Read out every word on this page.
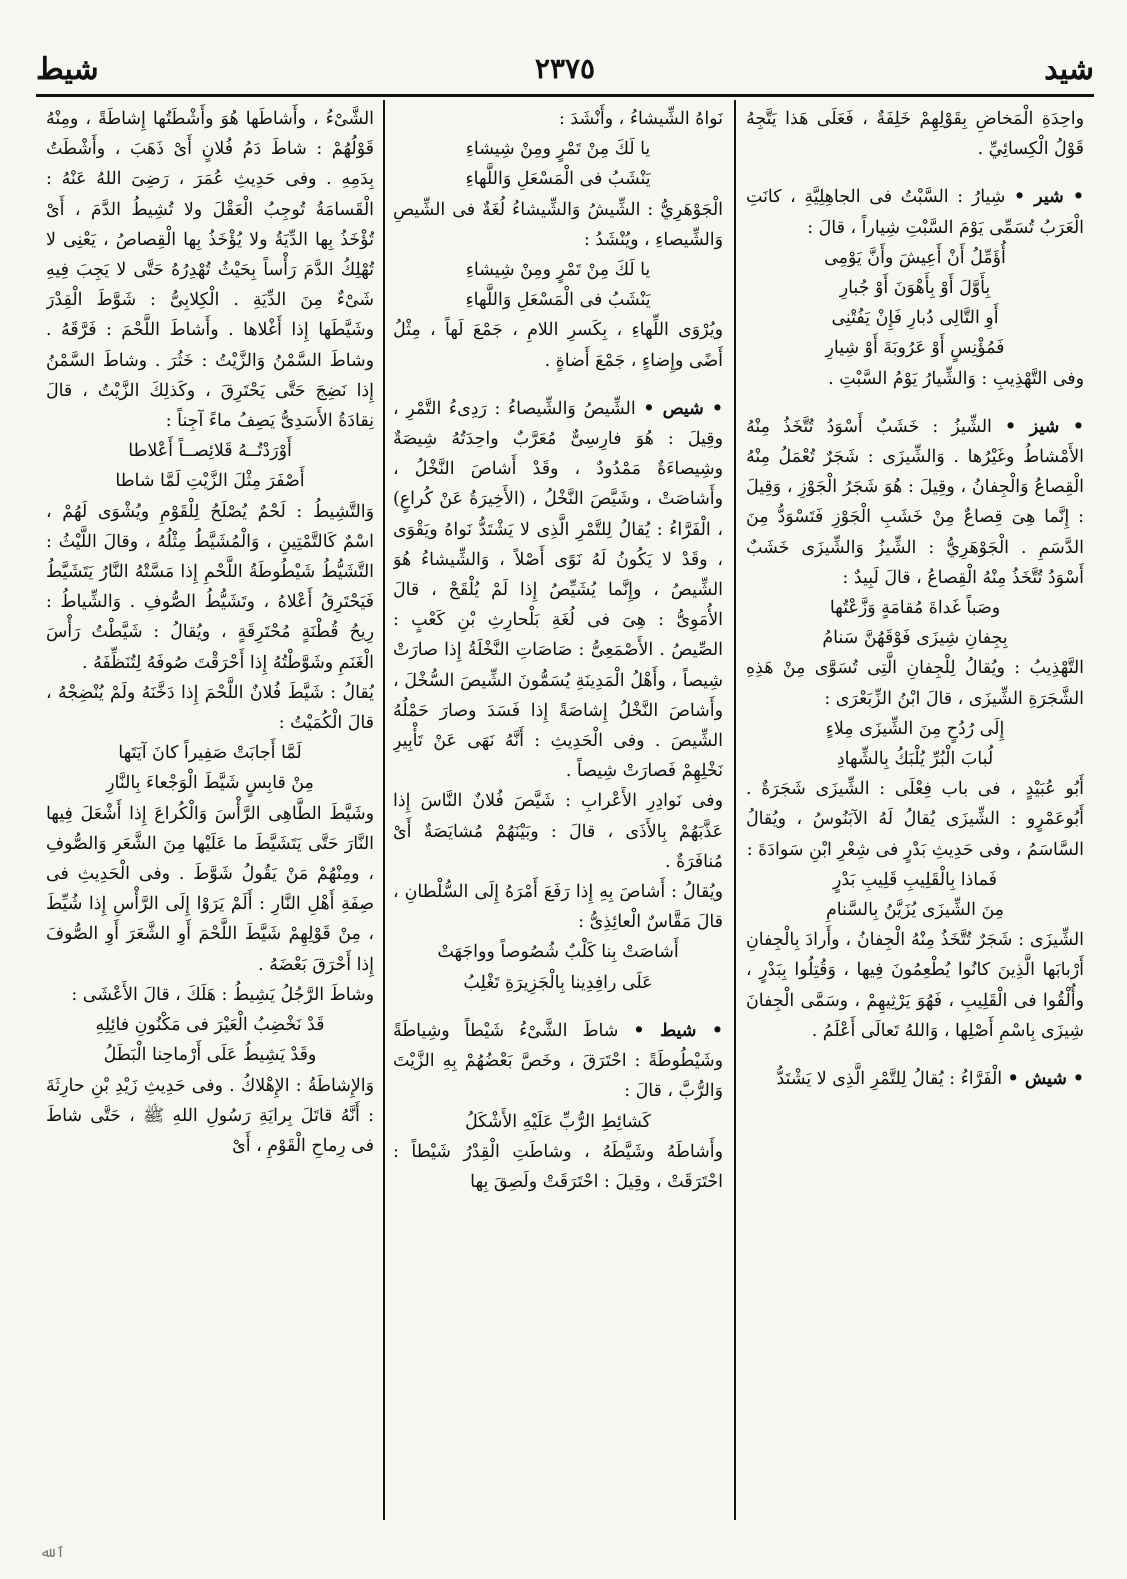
شيد
٢٣٧٥
شيط

واحِدَةِ الْمَخاضِ بِقَوْلِهِمْ خَلِفَةٌ ، فَعَلَى هَذا يَتَّجِهُ قَوْلُ الْكِسائِيِّ .

• شير • شِيارُ : السَّبْتُ فى الجاهِلِيَّةِ ، كانَتِ الْعَرَبُ تُسَمِّى يَوْمَ السَّبْتِ شِياراً ، قالَ :

أُؤَمِّلُ أَنْ أَعِيشَ وأَنَّ يَوْمِى

بِأَوَّلَ أَوْ بِأَهْوَنَ أَوْ جُبارِ

أَوِ التَّالِى دُبارِ فَإِنْ يَفُتْنِى

فَمُؤْنِسٍ أَوْ عَرُوبَةَ أَوْ شِيارِ

وفى التَّهْذِيبِ : وَالشِّيارُ يَوْمُ السَّبْتِ .

• شيز • الشِّيزُ : خَشَبٌ أَسْوَدُ تُتَّخَذُ مِنْهُ الأَمْشاطُ وغَيْرُها . وَالشِّيزَى : شَجَرٌ تُعْمَلُ مِنْهُ الْقِصاعُ وَالْجِفانُ ، وقِيلَ : هُوَ شَجَرُ الْجَوْزِ ، وَقِيلَ : إِنَّما هِىَ قِصاعٌ مِنْ خَشَبِ الْجَوْزِ فَتَسْوَدُّ مِنَ الدَّسَمِ . الْجَوْهَرِيُّ : الشِّيزُ وَالشِّيزَى خَشَبٌ أَسْوَدُ تُتَّخَذُ مِنْهُ الْقِصاعُ ، قالَ لَبِيدٌ :

وصَباً غَداةَ مُقامَةٍ وَزَّعْتُها

بِجِفانِ شِيزَى فَوْقَهُنَّ سَنامُ

التَّهْذِيبُ : ويُقالُ لِلْجِفانِ الَّتِى تُسَوَّى مِنْ هَذِهِ الشَّجَرَةِ الشِّيزَى ، قالَ ابْنُ الزِّبَعْرَى :

إِلَى رُدُحٍ مِنَ الشِّيزَى مِلاءٍ

لُبابَ الْبُرِّ يُلْبَكُ بِالشِّهادِ

أَبُو عُبَيْدٍ ، فى باب فِعْلَى : الشِّيزَى شَجَرَةٌ . أَبُوعَمْرٍو : الشِّيزَى يُقالُ لَهُ الآبَنُوسُ ، ويُقالُ السَّاسَمُ ، وفى حَدِيثِ بَدْرٍ فى شِعْرِ ابْنِ سَوادَةَ :

فَماذا بِالْقَلِيبِ قَلِيبِ بَدْرٍ

مِنَ الشِّيزَى يُزَيَّنُ بِالسَّنامِ

الشِّيزَى : شَجَرٌ تُتَّخَذُ مِنْهُ الْجِفانُ ، وأَرادَ بِالْجِفانِ أَرْبابَها الَّذِينَ كانُوا يُطْعِمُونَ فِيها ، وَقُتِلُوا بِبَدْرٍ ، وأُلْقُوا فى الْقَلِيبِ ، فَهُوَ يَرْثِيهِمْ ، وسَمَّى الْجِفانَ شِيزَى بِاسْمِ أَصْلِها ، وَاللهُ تَعالَى أَعْلَمُ .

• شيش • الْفَرَّاءُ : يُقالُ لِلتَّمْرِ الَّذِى لا يَشْتَدُّ

نَواهُ الشِّيشاءُ ، وأَنْشَدَ :

يا لَكَ مِنْ تَمْرٍ ومِنْ شِيشاءِ

يَنْشَبُ فى الْمَسْعَلِ وَاللَّهاءِ

الْجَوْهَرِيُّ : الشِّيشُ وَالشِّيشاءُ لُغَةٌ فى الشِّيصِ وَالشِّيصاءِ ، ويُنْشَدُ :

يا لَكَ مِنْ تَمْرٍ ومِنْ شِيشاءِ

يَنْشَبُ فى الْمَسْعَلِ وَاللَّهاءِ

ويُرْوَى اللِّهاءِ ، بِكَسرِ اللامِ ، جَمْعَ لَهاً ، مِثْلُ أَضًى وإِضاءٍ ، جَمْعَ أَضاةٍ .

• شيص • الشِّيصُ وَالشِّيصاءُ : رَدِىءُ التَّمْرِ ، وقِيلَ : هُوَ فارِسِىٌّ مُعَرَّبٌ واحِدَتُهُ شِيصَةٌ وشِيصاءَةٌ مَمْدُودٌ ، وقَدْ أَشاصَ النَّخْلُ ، وأَشاصَتْ ، وشَيَّصَ النَّخْلُ ، (الأَخِيرَةُ عَنْ كُراعٍ) ، الْفَرَّاءُ : يُقالُ لِلتَّمْرِ الَّذِى لا يَشْتَدُّ نَواهُ ويَقْوَى ، وقَدْ لا يَكُونُ لَهُ نَوًى أَصْلاً ، وَالشِّيشاءُ هُوَ الشِّيصُ ، وإِنَّما يُشَيِّصُ إِذا لَمْ يُلْقَحْ ، قالَ الأُمَوِىُّ : هِىَ فى لُغَةِ بَلْحارِثِ بْنِ كَعْبٍ : الصِّيصُ . الأَصْمَعِىُّ : صَاصَاتِ النَّخْلَةُ إِذا صارَتْ شِيصاً ، وأَهْلُ الْمَدِينَةِ يُسَمُّونَ الشِّيصَ السُّخْلَ ، وأَشاصَ النَّخْلُ إِشاصَةً إِذا فَسَدَ وصارَ حَمْلُهُ الشِّيصَ . وفى الْحَدِيثِ : أَنَّهُ نَهَى عَنْ تَأْبِيرِ نَخْلِهِمْ فَصارَتْ شِيصاً .

وفى نَوادِرِ الأَعْرابِ : شَيَّصَ فُلانٌ النَّاسَ إِذا عَذَّبَهُمْ بِالأَذَى ، قالَ : وبَيْنَهُمْ مُشايَصَةٌ أَىْ مُنافَرَةٌ .

ويُقالُ : أَشاصَ بِهِ إِذا رَفَعَ أَمْرَهُ إِلَى السُّلْطانِ ، قالَ مَقَّاسٌ الْعائِذِىُّ :

أَشاصَتْ بِنا كَلْبٌ شُصُوصاً وواجَهَتْ

عَلَى رافِدِينا بِالْجَزِيرَةِ تَغْلِبُ

• شيط • شاطَ الشَّىْءُ شَيْطاً وشِياطَةً وشَيْطُوطَةً : احْتَرَقَ ، وخَصَّ بَعْضُهُمْ بِهِ الزَّيْتَ وَالرُّبَّ ، قالَ :

كَشائِطِ الرُّبِّ عَلَيْهِ الأَشْكَلُ

وأَشاطَهُ وشَيَّطَهُ ، وشاطَتِ الْقِدْرُ شَيْطاً : احْتَرَقَتْ ، وقِيلَ : احْتَرَقَتْ ولَصِقَ بِها

الشَّىْءُ ، وأَشاطَها هُوَ وأَشْطَتُها إِشاطَةً ، ومِنْهُ قَوْلُهُمْ : شاطَ دَمُ فُلانٍ أَىْ ذَهَبَ ، وأَشْطَتُ بِدَمِهِ . وفى حَدِيثِ عُمَرَ ، رَضِىَ اللهُ عَنْهُ : الْقَسامَةُ تُوجِبُ الْعَقْلَ ولا تُشِيطُ الدَّمَ ، أَىْ تُؤْخَذُ بِها الدِّيَةُ ولا يُؤْخَذُ بِها الْقِصاصُ ، يَعْنِى لا تُهْلِكُ الدَّمَ رَأْساً بِحَيْثُ تُهْدِرُهُ حَتَّى لا يَجِبَ فِيهِ شَىْءٌ مِنَ الدِّيَةِ . الْكِلابِىُّ : شَوَّطَ الْقِدْرَ وشَيَّطَها إِذا أَغْلاها . وأَشاطَ اللَّحْمَ : فَرَّقَهُ . وشاطَ السَّمْنُ وَالزَّيْتُ : خَثُرَ . وشاطَ السَّمْنُ إِذا نَضِجَ حَتَّى يَحْتَرِقَ ، وكَذلِكَ الزَّيْتُ ، قالَ نِقادَةُ الأَسَدِىُّ يَصِفُ ماءً آجِناً :

أَوْرَدْتُــهُ قَلائِصــاً أَعْلاطا

أَصْفَرَ مِثْلَ الزَّيْتِ لَمَّا شاطا

وَالتَّشِيطُ : لَحْمٌ يُصْلَحُ لِلْقَوْمِ ويُشْوَى لَهُمْ ، اسْمٌ كَالتَّمْتِينِ ، وَالْمُشَيَّطُ مِثْلُهُ ، وقالَ اللَّيْثُ : التَّشَيُّطُ شَيْطُوطَةُ اللَّحْمِ إِذا مَسَّتْهُ النَّارُ يَتَشَيَّطُ فَيَحْتَرِقُ أَعْلاهُ ، وتَشَيُّطُ الصُّوفِ . وَالشِّياطُ : رِيحُ قُطْنَةٍ مُحْتَرِقَةٍ ، ويُقالُ : شَيَّطْتُ رَأْسَ الْغَنَمِ وشَوَّطْتُهُ إِذا أَحْرَقْتَ صُوفَهُ لِتُنَظِّفَهُ .

يُقالُ : شَيَّطَ فُلانٌ اللَّحْمَ إِذا دَخَّنَهُ ولَمْ يُنْضِجْهُ ، قالَ الْكُمَيْتُ :

لَمَّا أَجابَتْ صَفِيراً كانَ آيَتَها

مِنْ قابِسٍ شَيَّطَ الْوَجْعاءَ بِالنَّارِ

وشَيَّطَ الطَّاهِى الرَّأْسَ وَالْكُراعَ إِذا أَشْعَلَ فِيها النَّارَ حَتَّى يَتَشَيَّطَ ما عَلَيْها مِنَ الشَّعَرِ وَالصُّوفِ ، ومِنْهُمْ مَنْ يَقُولُ شَوَّطَ . وفى الْحَدِيثِ فى صِفَةِ أَهْلِ النَّارِ : أَلَمْ يَرَوْا إِلَى الرَّأْسِ إِذا شُيِّطَ ، مِنْ قَوْلِهِمْ شَيَّطَ اللَّحْمَ أَوِ الشَّعَرَ أَوِ الصُّوفَ إِذا أَحْرَقَ بَعْضَهُ .

وشاطَ الرَّجُلُ يَشِيطُ : هَلَكَ ، قالَ الأَعْشَى :

قَدْ نَخْضِبُ الْعَيْرَ فى مَكْنُونِ فائِلِهِ

وقَدْ يَشِيطُ عَلَى أَرْماحِنا الْبَطَلُ

وَالإِشاطَةُ : الإِهْلاكُ . وفى حَدِيثِ زَيْدِ بْنِ حارِثَةَ : أَنَّهُ قاتَلَ بِرايَةِ رَسُولِ اللهِ ﷺ ، حَتَّى شاطَ فى رِماحِ الْقَوْمِ ، أَىْ

ٱلله
